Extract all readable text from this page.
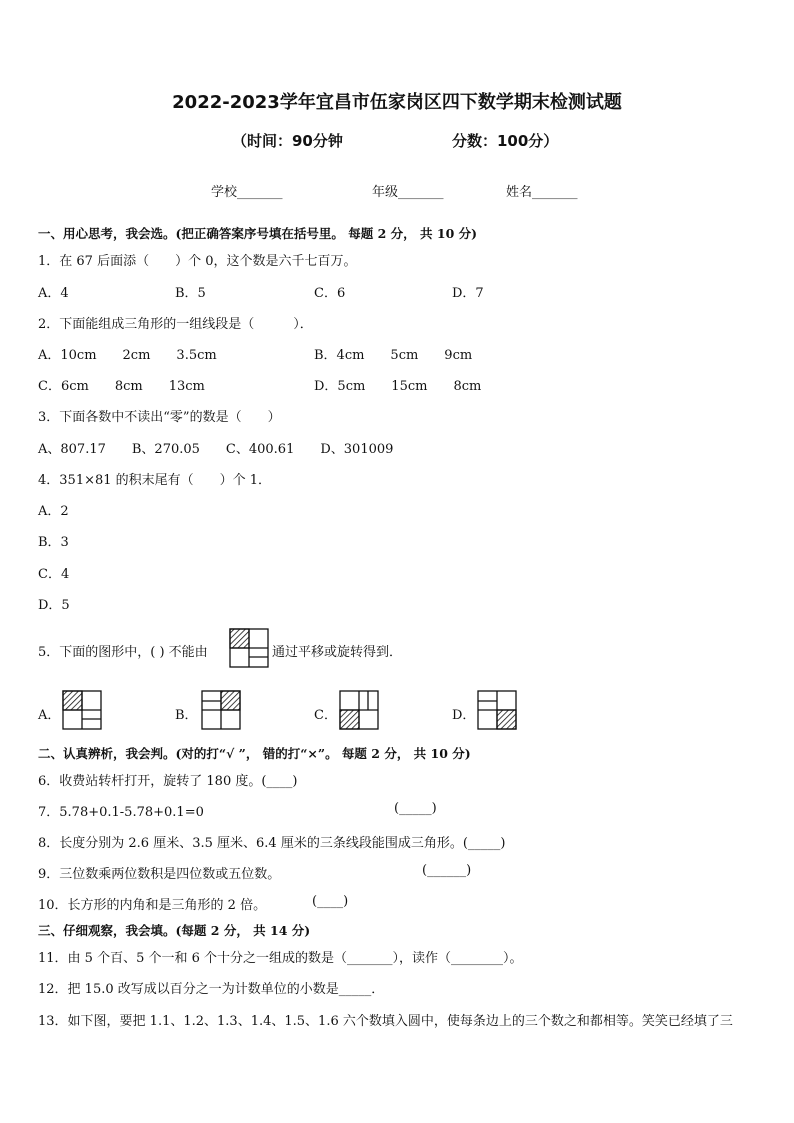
2022-2023学年宜昌市伍家岗区四下数学期末检测试题
（时间：90分钟	分数：100分）
学校_______	年级_______	姓名_______
一、用心思考，我会选。(把正确答案序号填在括号里。 每题 2 分， 共 10 分)
1．在 67 后面添（　　）个 0，这个数是六千七百万。
A．4	B．5	C．6	D．7
2．下面能组成三角形的一组线段是（　　　）．
A．10cm　　2cm　　3.5cm	B．4cm　　5cm　　9cm
C．6cm　　8cm　　13cm	D．5cm　　15cm　　8cm
3．下面各数中不读出“零”的数是（　　）
A、807.17　　B、270.05　　C、400.61　　D、301009
4．351×81 的积末尾有（　　）个 1．
A．2
B．3
C．4
D．5
5．下面的图形中，( ) 不能由	通过平移或旋转得到．
A．	B．	C．	D．
二、认真辨析，我会判。(对的打“√ ”， 错的打“×”。 每题 2 分， 共 10 分)
6．收费站转杆打开，旋转了 180 度。(____)
7．5.78+0.1-5.78+0.1=0	(_____)
8．长度分别为 2.6 厘米、3.5 厘米、6.4 厘米的三条线段能围成三角形。(_____)
9．三位数乘两位数积是四位数或五位数。	(______)
10．长方形的内角和是三角形的 2 倍。	(____)
三、仔细观察，我会填。(每题 2 分， 共 14 分)
11．由 5 个百、5 个一和 6 个十分之一组成的数是（_______），读作（________）。
12．把 15.0 改写成以百分之一为计数单位的小数是_____．
13．如下图，要把 1.1、1.2、1.3、1.4、1.5、1.6 六个数填入圆中，使每条边上的三个数之和都相等。笑笑已经填了三
